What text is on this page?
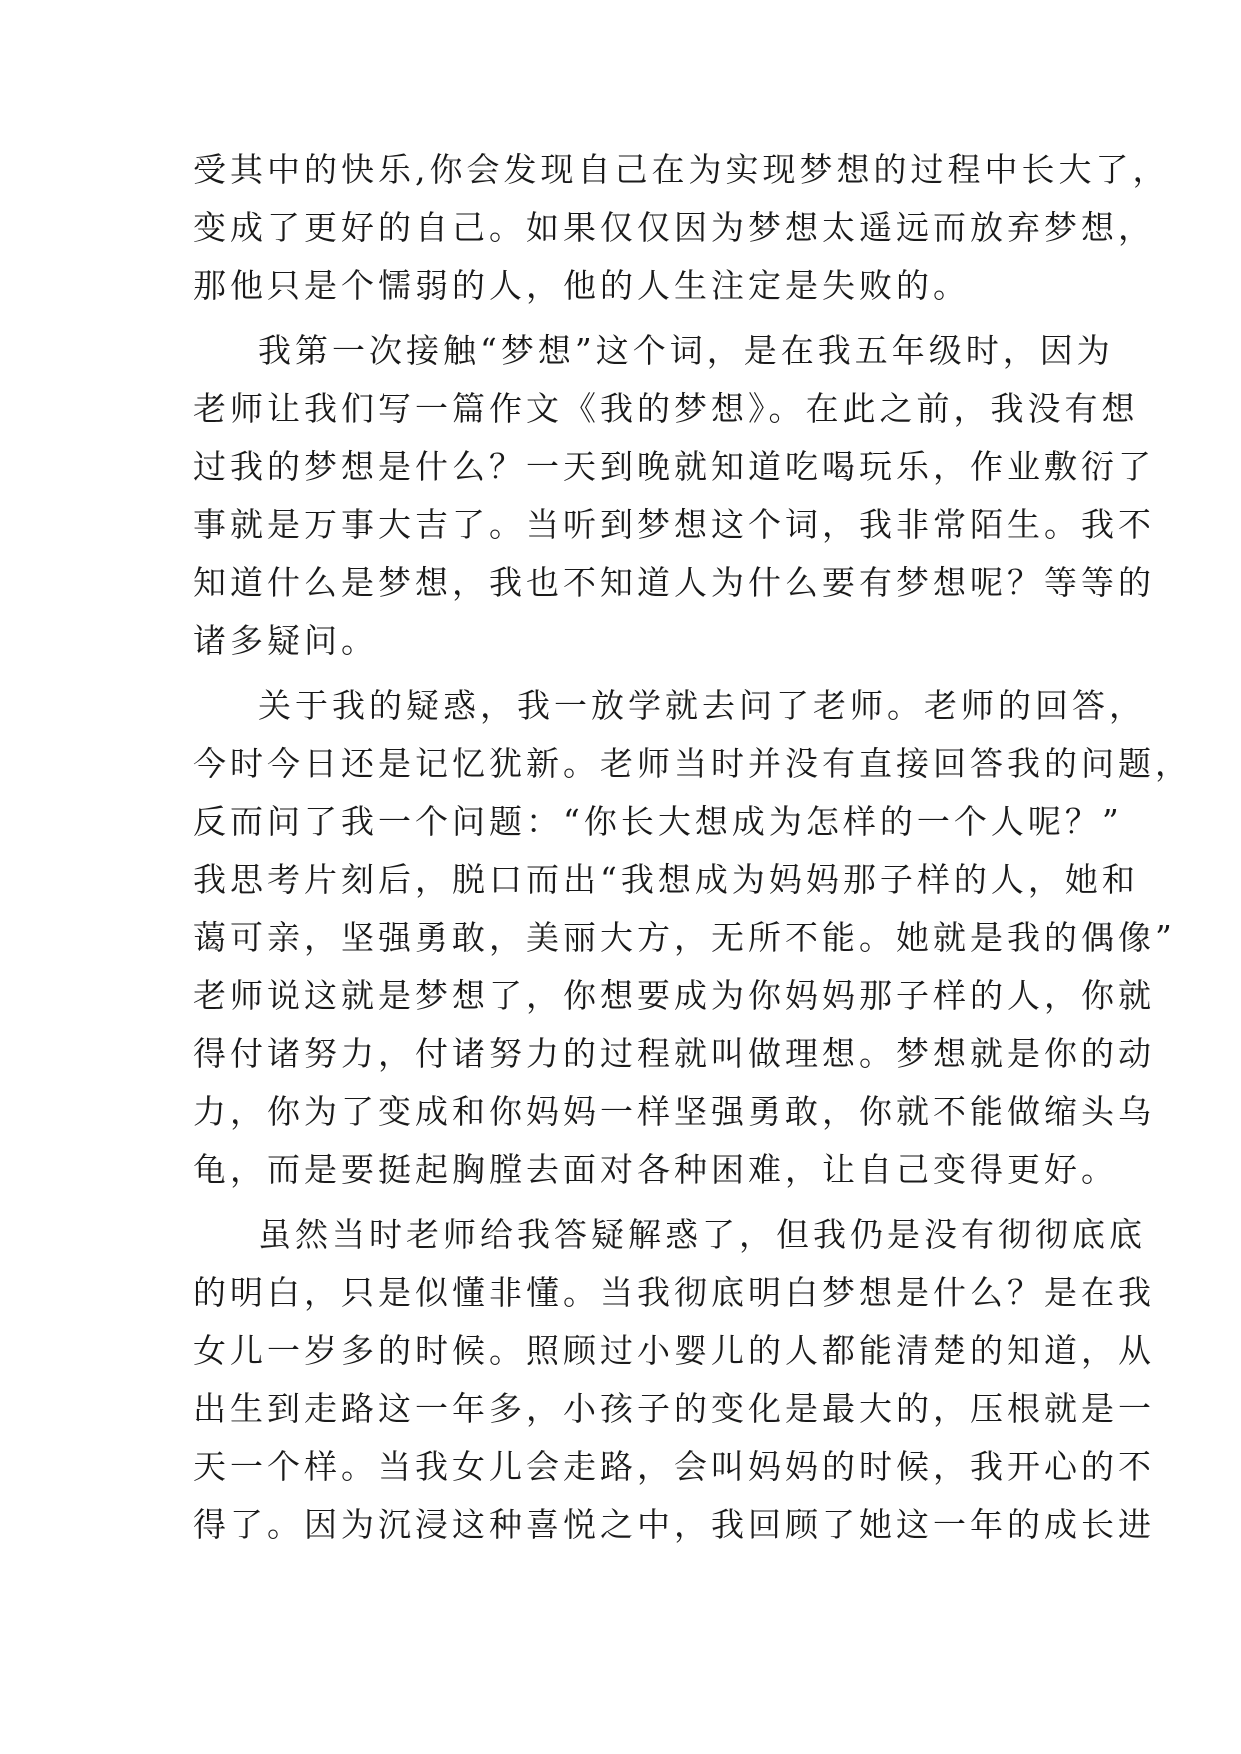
受其中的快乐,你会发现自己在为实现梦想的过程中长大了，
变成了更好的自己。如果仅仅因为梦想太遥远而放弃梦想，
那他只是个懦弱的人，他的人生注定是失败的。
我第一次接触“梦想”这个词，是在我五年级时，因为
老师让我们写一篇作文《我的梦想》。在此之前，我没有想
过我的梦想是什么？一天到晚就知道吃喝玩乐，作业敷衍了
事就是万事大吉了。当听到梦想这个词，我非常陌生。我不
知道什么是梦想，我也不知道人为什么要有梦想呢？等等的
诸多疑问。
关于我的疑惑，我一放学就去问了老师。老师的回答，
今时今日还是记忆犹新。老师当时并没有直接回答我的问题，
反而问了我一个问题：“你长大想成为怎样的一个人呢？”
我思考片刻后，脱口而出“我想成为妈妈那子样的人，她和
蔼可亲，坚强勇敢，美丽大方，无所不能。她就是我的偶像”
老师说这就是梦想了，你想要成为你妈妈那子样的人，你就
得付诸努力，付诸努力的过程就叫做理想。梦想就是你的动
力，你为了变成和你妈妈一样坚强勇敢，你就不能做缩头乌
龟，而是要挺起胸膛去面对各种困难，让自己变得更好。
虽然当时老师给我答疑解惑了，但我仍是没有彻彻底底
的明白，只是似懂非懂。当我彻底明白梦想是什么？是在我
女儿一岁多的时候。照顾过小婴儿的人都能清楚的知道，从
出生到走路这一年多，小孩子的变化是最大的，压根就是一
天一个样。当我女儿会走路，会叫妈妈的时候，我开心的不
得了。因为沉浸这种喜悦之中，我回顾了她这一年的成长进
